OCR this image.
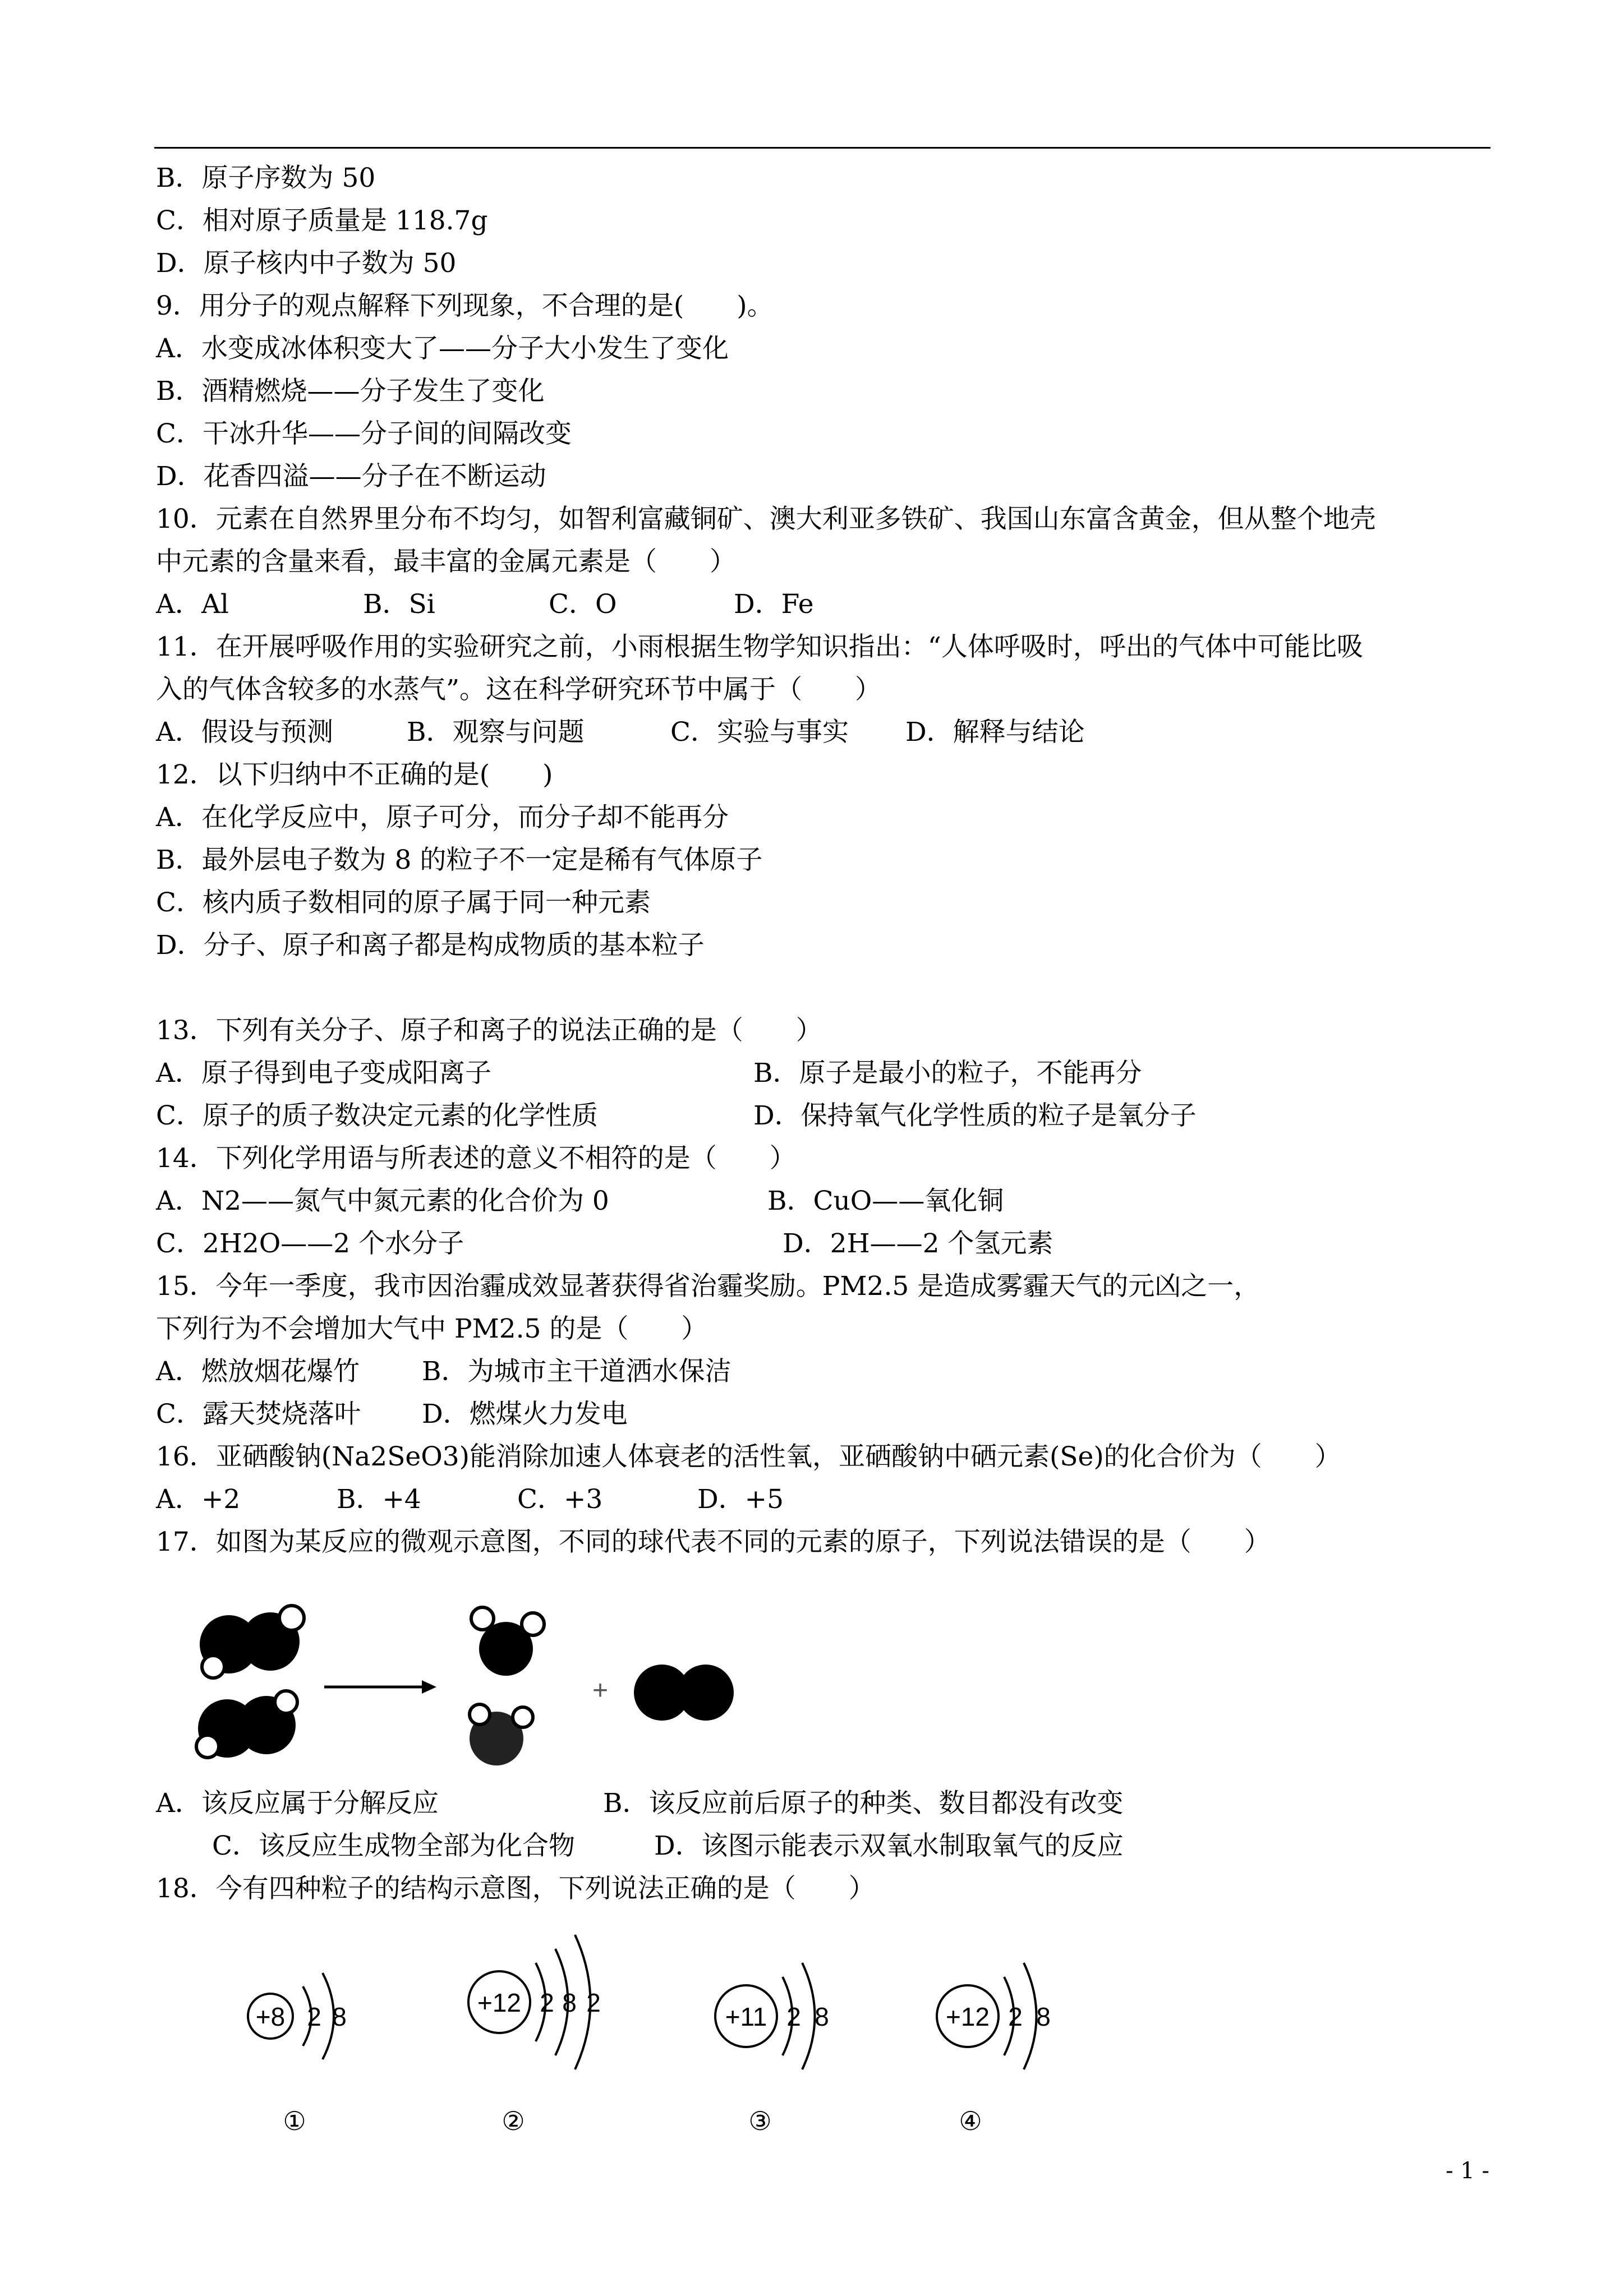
B．原子序数为 50
C．相对原子质量是 118.7g
D．原子核内中子数为 50
9．用分子的观点解释下列现象，不合理的是(　　)。
A．水变成冰体积变大了——分子大小发生了变化
B．酒精燃烧——分子发生了变化
C．干冰升华——分子间的间隔改变
D．花香四溢——分子在不断运动
10．元素在自然界里分布不均匀，如智利富藏铜矿、澳大利亚多铁矿、我国山东富含黄金，但从整个地壳
中元素的含量来看，最丰富的金属元素是（　　）
A．Al	B．Si	C．O	D．Fe
11．在开展呼吸作用的实验研究之前，小雨根据生物学知识指出：“人体呼吸时，呼出的气体中可能比吸
入的气体含较多的水蒸气”。这在科学研究环节中属于（　　）
A．假设与预测	B．观察与问题	C．实验与事实 D．解释与结论
12．以下归纳中不正确的是(　　)
A．在化学反应中，原子可分，而分子却不能再分
B．最外层电子数为 8 的粒子不一定是稀有气体原子
C．核内质子数相同的原子属于同一种元素
D．分子、原子和离子都是构成物质的基本粒子
13．下列有关分子、原子和离子的说法正确的是（　　）
A．原子得到电子变成阳离子	B．原子是最小的粒子，不能再分
C．原子的质子数决定元素的化学性质	D．保持氧气化学性质的粒子是氧分子
14．下列化学用语与所表述的意义不相符的是（　　）
A．N2——氮气中氮元素的化合价为 0	B．CuO——氧化铜
C．2H2O——2 个水分子	D．2H——2 个氢元素
15．今年一季度，我市因治霾成效显著获得省治霾奖励。PM2.5 是造成雾霾天气的元凶之一，
下列行为不会增加大气中 PM2.5 的是（　　）
A．燃放烟花爆竹 B．为城市主干道洒水保洁
C．露天焚烧落叶 D．燃煤火力发电
16．亚硒酸钠(Na2SeO3)能消除加速人体衰老的活性氧，亚硒酸钠中硒元素(Se)的化合价为（　　）
A．+2	B．+4	C．+3	D．+5
17．如图为某反应的微观示意图，不同的球代表不同的元素的原子，下列说法错误的是（　　）
+
A．该反应属于分解反应	B．该反应前后原子的种类、数目都没有改变
C．该反应生成物全部为化合物	D．该图示能表示双氧水制取氧气的反应
18．今有四种粒子的结构示意图，下列说法正确的是（　　）
+8 2 8
①
+12 2 8 2
②
+11 2 8
③
+12 2 8
④
- 1 -
